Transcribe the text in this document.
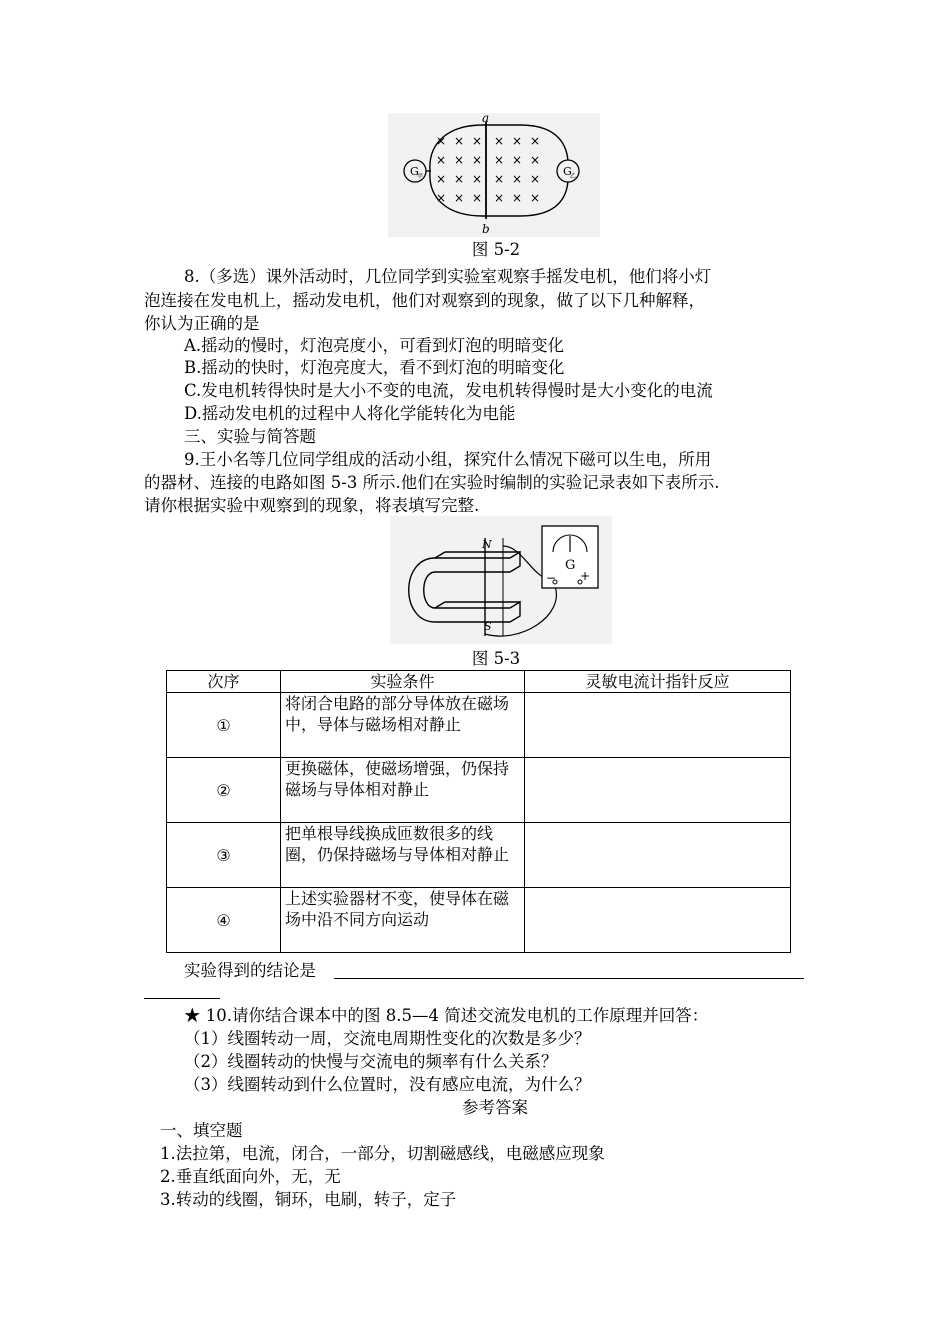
× × × × × ×
× × × × × ×
× × × × × ×
× × × × × ×
G
甲	G
乙
a
b
图 5-2
8.（多选）课外活动时，几位同学到实验室观察手摇发电机，他们将小灯
泡连接在发电机上，摇动发电机，他们对观察到的现象，做了以下几种解释，
你认为正确的是
A.摇动的慢时，灯泡亮度小，可看到灯泡的明暗变化
B.摇动的快时，灯泡亮度大，看不到灯泡的明暗变化
C.发电机转得快时是大小不变的电流，发电机转得慢时是大小变化的电流
D.摇动发电机的过程中人将化学能转化为电能
三、实验与简答题
9.王小名等几位同学组成的活动小组，探究什么情况下磁可以生电，所用
的器材、连接的电路如图 5-3 所示.他们在实验时编制的实验记录表如下表所示.
请你根据实验中观察到的现象，将表填写完整.
G
− +
N
S
图 5-3
次序	实验条件	灵敏电流计指针反应
①	将闭合电路的部分导体放在磁场中，导体与磁场相对静止	
②	更换磁体，使磁场增强，仍保持磁场与导体相对静止	
③	把单根导线换成匝数很多的线圈，仍保持磁场与导体相对静止	
④	上述实验器材不变，使导体在磁场中沿不同方向运动	
实验得到的结论是
★ 10.请你结合课本中的图 8.5—4 简述交流发电机的工作原理并回答：
（1）线圈转动一周，交流电周期性变化的次数是多少？
（2）线圈转动的快慢与交流电的频率有什么关系？
（3）线圈转动到什么位置时，没有感应电流，为什么？
参考答案
一、填空题
1.法拉第，电流，闭合，一部分，切割磁感线，电磁感应现象
2.垂直纸面向外，无，无
3.转动的线圈，铜环，电刷，转子，定子
